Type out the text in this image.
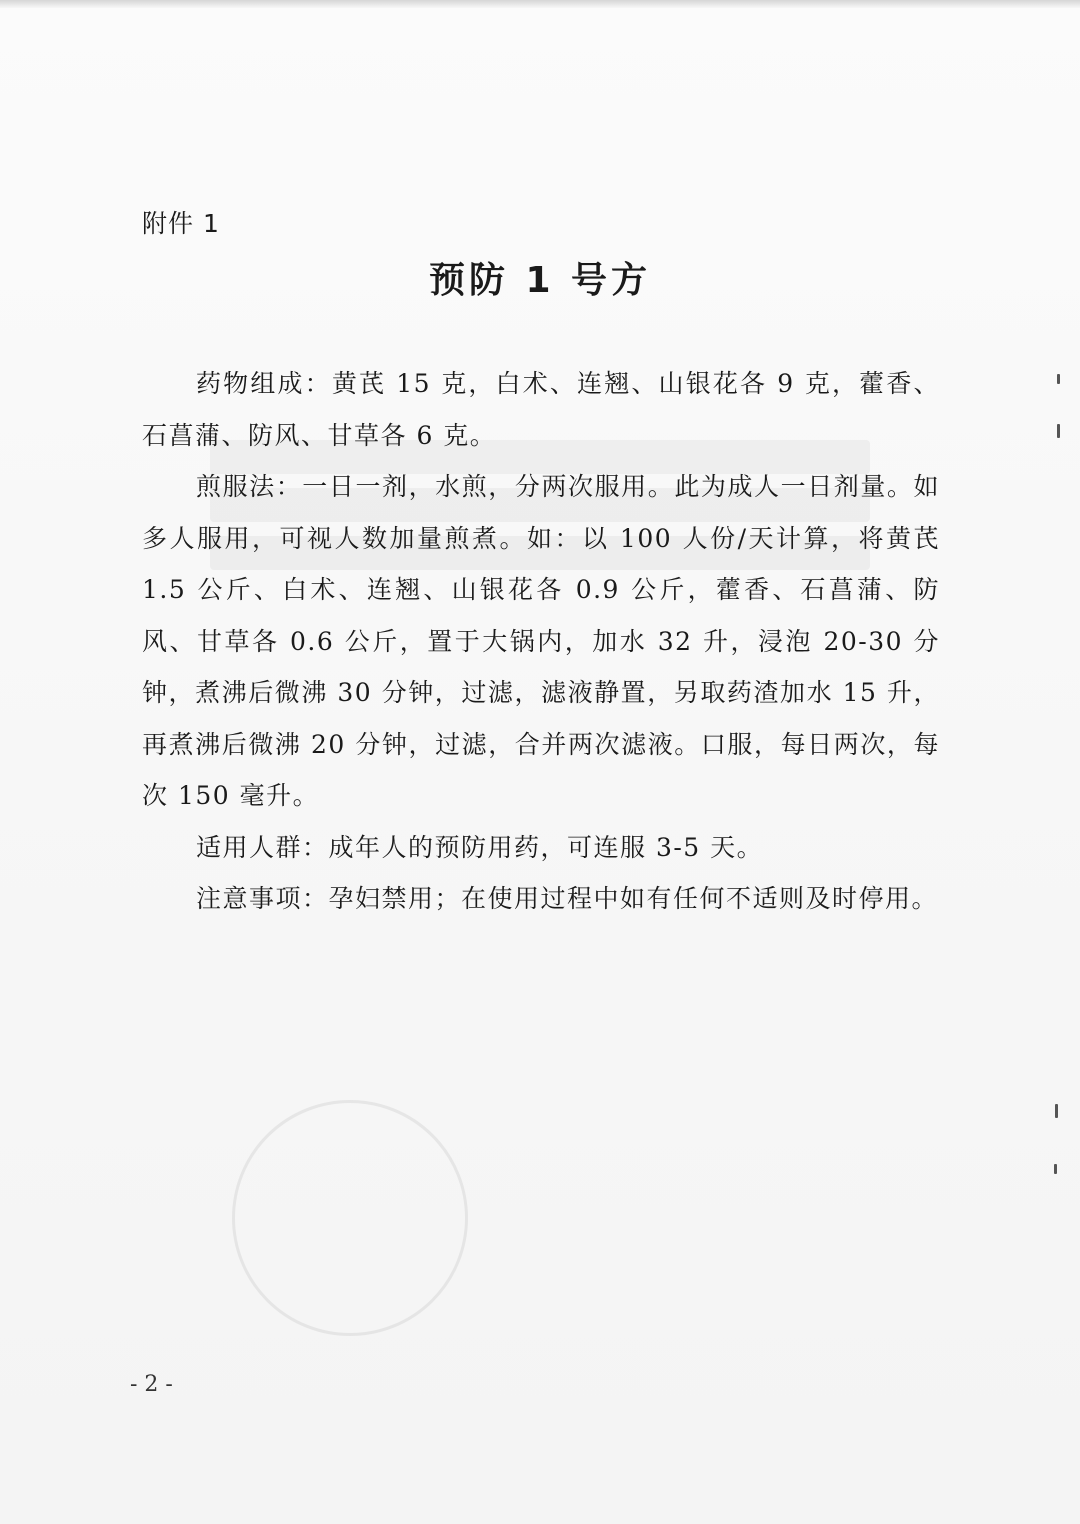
附件 1
预防 1 号方

药物组成：黄芪 15 克，白术、连翘、山银花各 9 克，藿香、石菖蒲、防风、甘草各 6 克。

煎服法：一日一剂，水煎，分两次服用。此为成人一日剂量。如多人服用，可视人数加量煎煮。如：以 100 人份/天计算，将黄芪 1.5 公斤、白术、连翘、山银花各 0.9 公斤，藿香、石菖蒲、防风、甘草各 0.6 公斤，置于大锅内，加水 32 升，浸泡 20-30 分钟，煮沸后微沸 30 分钟，过滤，滤液静置，另取药渣加水 15 升，再煮沸后微沸 20 分钟，过滤，合并两次滤液。口服，每日两次，每次 150 毫升。

适用人群：成年人的预防用药，可连服 3-5 天。

注意事项：孕妇禁用；在使用过程中如有任何不适则及时停用。

- 2 -
